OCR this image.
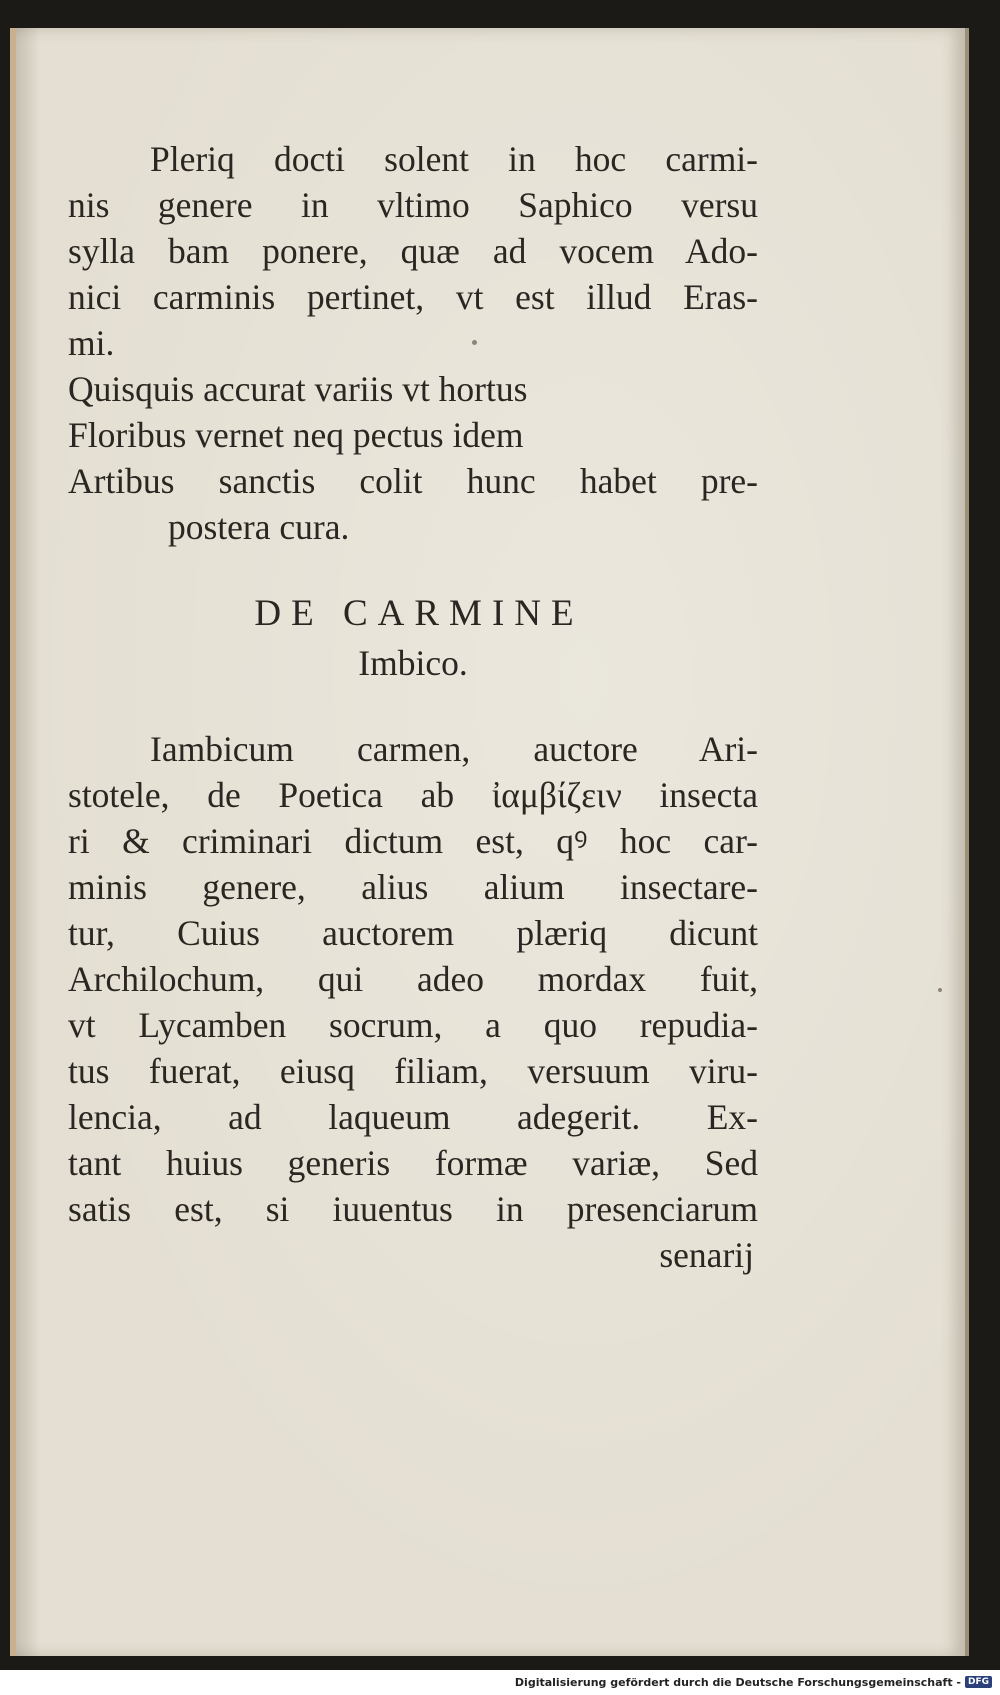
Pleriq docti solent in hoc carmi-
nis genere in vltimo Saphico versu
sylla bam ponere, quæ ad vocem Ado-
nici carminis pertinet, vt est illud Eras-
mi.
Quisquis accurat variis vt hortus
Floribus vernet neq pectus idem
Artibus sanctis colit hunc habet pre-
postera cura.
DE CARMINE
Imbico.
Iambicum carmen, auctore Ari-
stotele, de Poetica ab ἰαμβίζειν insecta
ri & criminari dictum est, qꝰ hoc car-
minis genere, alius alium insectare-
tur, Cuius auctorem plæriq dicunt
Archilochum, qui adeo mordax fuit,
vt Lycamben socrum, a quo repudia-
tus fuerat, eiusq filiam, versuum viru-
lencia, ad laqueum adegerit. Ex-
tant huius generis formæ variæ, Sed
satis est, si iuuentus in presenciarum
senarij
Digitalisierung gefördert durch die Deutsche Forschungsgemeinschaft - DFG
